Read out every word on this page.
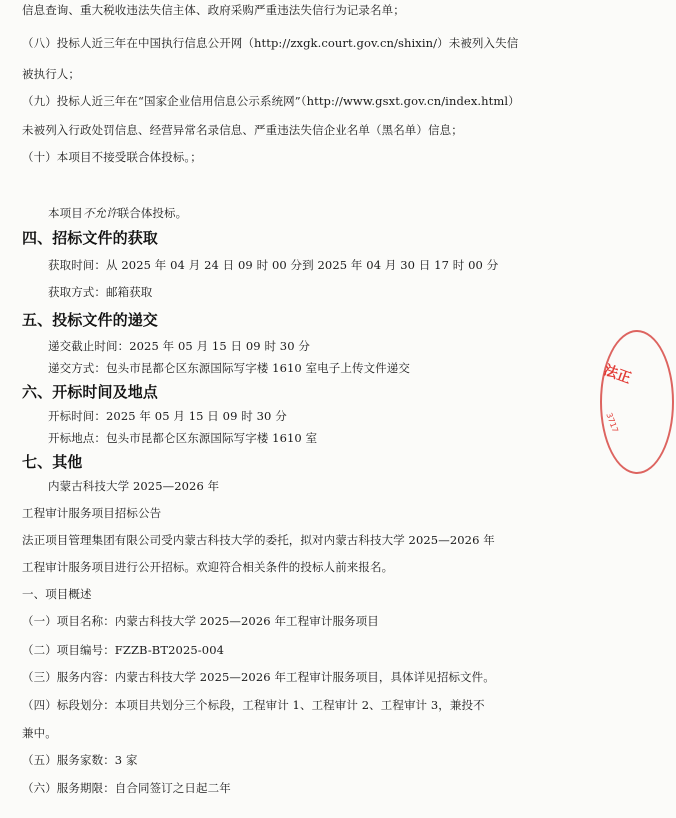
信息查询、重大税收违法失信主体、政府采购严重违法失信行为记录名单；
（八）投标人近三年在中国执行信息公开网（http://zxgk.court.gov.cn/shixin/）未被列入失信
被执行人；
（九）投标人近三年在“国家企业信用信息公示系统网”（http://www.gsxt.gov.cn/index.html）
未被列入行政处罚信息、经营异常名录信息、严重违法失信企业名单（黑名单）信息；
（十）本项目不接受联合体投标。；
本项目不允许联合体投标。
四、招标文件的获取
获取时间：从 2025 年 04 月 24 日 09 时 00 分到 2025 年 04 月 30 日 17 时 00 分
获取方式：邮箱获取
五、投标文件的递交
递交截止时间：2025 年 05 月 15 日 09 时 30 分
递交方式：包头市昆都仑区东源国际写字楼 1610 室电子上传文件递交
六、开标时间及地点
开标时间：2025 年 05 月 15 日 09 时 30 分
开标地点：包头市昆都仑区东源国际写字楼 1610 室
七、其他
内蒙古科技大学 2025—2026 年
工程审计服务项目招标公告
法正项目管理集团有限公司受内蒙古科技大学的委托，拟对内蒙古科技大学 2025—2026 年
工程审计服务项目进行公开招标。欢迎符合相关条件的投标人前来报名。
一、项目概述
（一）项目名称：内蒙古科技大学 2025—2026 年工程审计服务项目
（二）项目编号：FZZB-BT2025-004
（三）服务内容：内蒙古科技大学 2025—2026 年工程审计服务项目，具体详见招标文件。
（四）标段划分：本项目共划分三个标段，工程审计 1、工程审计 2、工程审计 3，兼投不
兼中。
（五）服务家数：3 家
（六）服务期限：自合同签订之日起二年
法正
3717
